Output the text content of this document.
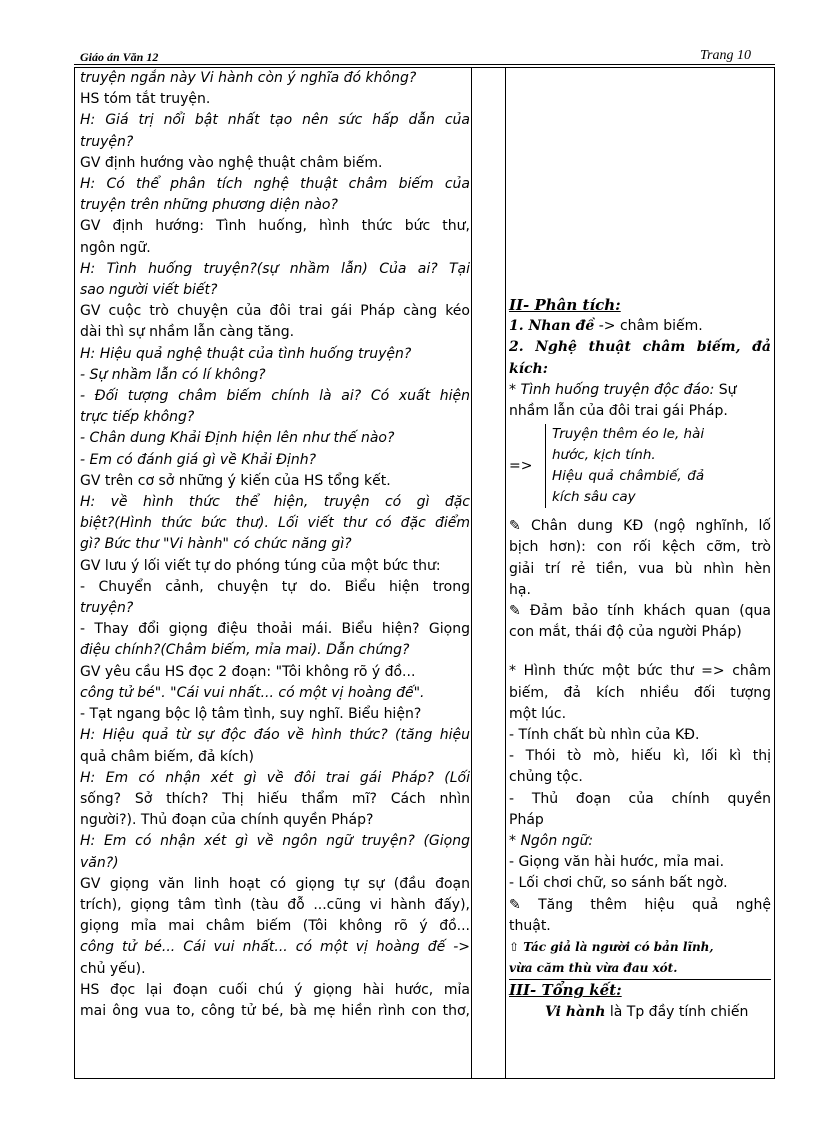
Giáo án Văn 12	Trang 10
truyện ngắn này Vi hành còn ý nghĩa đó không?
HS tóm tắt truyện.
H: Giá trị nổi bật nhất tạo nên sức hấp dẫn của
truyện?
GV định hướng vào nghệ thuật châm biếm.
H: Có thể phân tích nghệ thuật châm biếm của
truyện trên những phương diện nào?
GV định hướng: Tình huống, hình thức bức thư,
ngôn ngữ.
H: Tình huống truyện?(sự nhầm lẫn) Của ai? Tại
sao người viết biết?
GV cuộc trò chuyện của đôi trai gái Pháp càng kéo
dài thì sự nhầm lẫn càng tăng.
H: Hiệu quả nghệ thuật của tình huống truyện?
- Sự nhầm lẫn có lí không?
- Đối tượng châm biếm chính là ai? Có xuất hiện
trực tiếp không?
- Chân dung Khải Định hiện lên như thế nào?
- Em có đánh giá gì về Khải Định?
GV trên cơ sở những ý kiến của HS tổng kết.
H: về hình thức thể hiện, truyện có gì đặc
biệt?(Hình thức bức thư). Lối viết thư có đặc điểm
gì? Bức thư "Vi hành" có chức năng gì?
GV lưu ý lối viết tự do phóng túng của một bức thư:
- Chuyển cảnh, chuyện tự do. Biểu hiện trong
truyện?
- Thay đổi giọng điệu thoải mái. Biểu hiện? Giọng
điệu chính?(Châm biếm, mỉa mai). Dẫn chứng?
GV yêu cầu HS đọc 2 đoạn: "Tôi không rõ ý đồ...
công tử bé". "Cái vui nhất... có một vị hoàng đế".
- Tạt ngang bộc lộ tâm tình, suy nghĩ. Biểu hiện?
H: Hiệu quả từ sự độc đáo về hình thức? (tăng hiệu
quả châm biếm, đả kích)
H: Em có nhận xét gì về đôi trai gái Pháp? (Lối
sống? Sở thích? Thị hiếu thẩm mĩ? Cách nhìn
người?). Thủ đoạn của chính quyền Pháp?
H: Em có nhận xét gì về ngôn ngữ truyện? (Giọng
văn?)
GV giọng văn linh hoạt có giọng tự sự (đầu đoạn
trích), giọng tâm tình (tàu đỗ ...cũng vi hành đấy),
giọng mỉa mai châm biếm (Tôi không rõ ý đồ...
công tử bé... Cái vui nhất... có một vị hoàng đế ->
chủ yếu).
HS đọc lại đoạn cuối chú ý giọng hài hước, mỉa
mai ông vua to, công tử bé, bà mẹ hiền rình con thơ,
II- Phân tích:
1. Nhan đề -> châm biếm.
2. Nghệ thuật châm biếm, đả
kích:
* Tình huống truyện độc đáo: Sự
nhầm lẫn của đôi trai gái Pháp.
=>
Truyện thêm éo le, hài
hước, kịch tính.
Hiệu quả châmbiế, đả
kích sâu cay
✎ Chân dung KĐ (ngộ nghĩnh, lố
bịch hơn): con rối kệch cỡm, trò
giải trí rẻ tiền, vua bù nhìn hèn
hạ.
✎ Đảm bảo tính khách quan (qua
con mắt, thái độ của người Pháp)
* Hình thức một bức thư => châm
biếm, đả kích nhiều đối tượng
một lúc.
- Tính chất bù nhìn của KĐ.
- Thói tò mò, hiếu kì, lối kì thị
chủng tộc.
- Thủ đoạn của chính quyền
Pháp
* Ngôn ngữ:
- Giọng văn hài hước, mỉa mai.
- Lối chơi chữ, so sánh bất ngờ.
✎ Tăng thêm hiệu quả nghệ
thuật.
⇧ Tác giả là người có bản lĩnh,
vừa căm thù vừa đau xót.
III- Tổng kết:
Vi hành là Tp đầy tính chiến
